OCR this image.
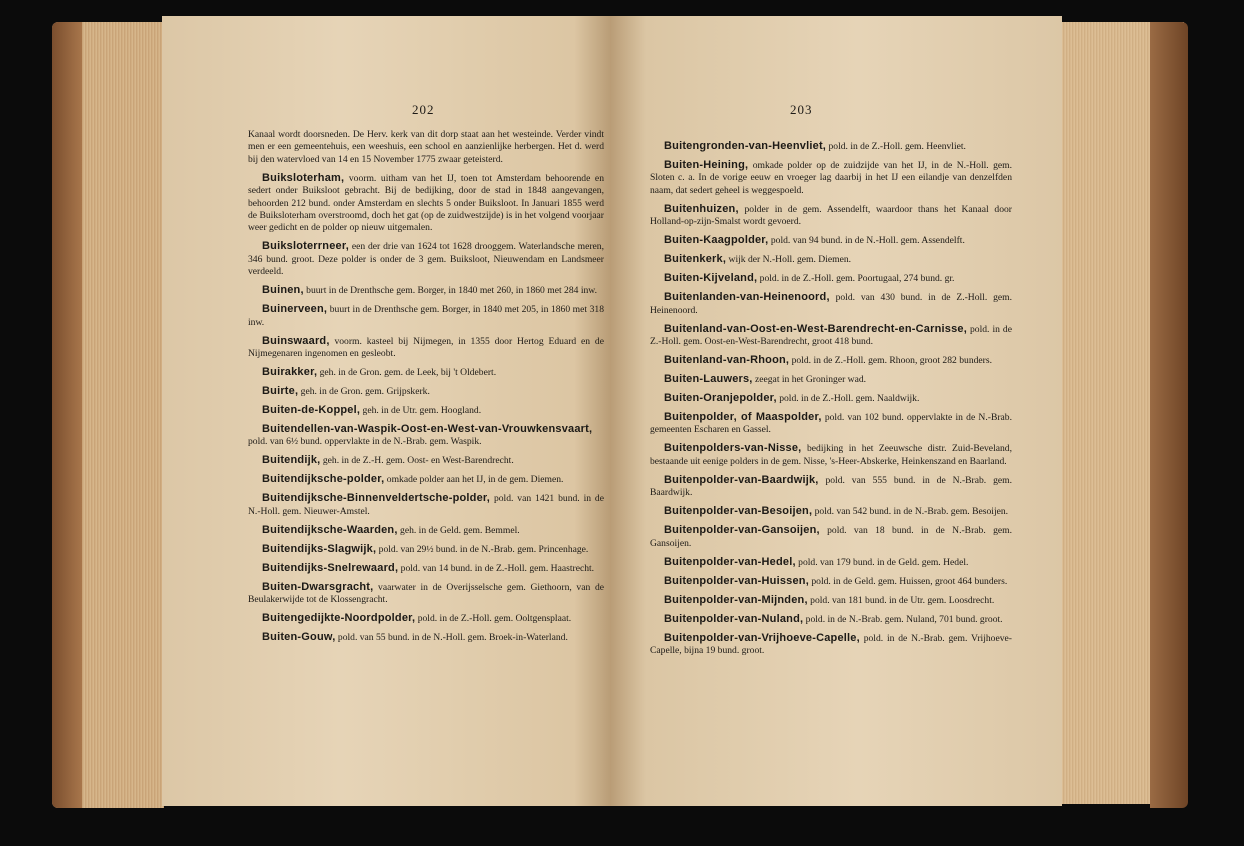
202

Kanaal wordt doorsneden. De Herv. kerk van dit dorp staat aan het westeinde. Verder vindt men er een gemeentehuis, een weeshuis, een school en aanzienlijke herbergen. Het d. werd bij den watervloed van 14 en 15 November 1775 zwaar geteisterd.

Buiksloterham, voorm. uitham van het IJ, toen tot Amsterdam behoorende en sedert onder Buiksloot gebracht. Bij de bedijking, door de stad in 1848 aangevangen, behoorden 212 bund. onder Amsterdam en slechts 5 onder Buiksloot. In Januari 1855 werd de Buiksloterham overstroomd, doch het gat (op de zuidwestzijde) is in het volgend voorjaar weer gedicht en de polder op nieuw uitgemalen.

Buiksloterrneer, een der drie van 1624 tot 1628 drooggem. Waterlandsche meren, 346 bund. groot. Deze polder is onder de 3 gem. Buiksloot, Nieuwendam en Landsmeer verdeeld.

Buinen, buurt in de Drenthsche gem. Borger, in 1840 met 260, in 1860 met 284 inw.

Buinerveen, buurt in de Drenthsche gem. Borger, in 1840 met 205, in 1860 met 318 inw.

Buinswaard, voorm. kasteel bij Nijmegen, in 1355 door Hertog Eduard en de Nijmegenaren ingenomen en gesleobt.

Buirakker, geh. in de Gron. gem. de Leek, bij 't Oldebert.

Buirte, geh. in de Gron. gem. Grijpskerk.

Buiten-de-Koppel, geh. in de Utr. gem. Hoogland.

Buitendellen-van-Waspik-Oost-en-West-van-Vrouwkensvaart, pold. van 6½ bund. oppervlakte in de N.-Brab. gem. Waspik.

Buitendijk, geh. in de Z.-H. gem. Oost- en West-Barendrecht.

Buitendijksche-polder, omkade polder aan het IJ, in de gem. Diemen.

Buitendijksche-Binnenveldertsche-polder, pold. van 1421 bund. in de N.-Holl. gem. Nieuwer-Amstel.

Buitendijksche-Waarden, geh. in de Geld. gem. Bemmel.

Buitendijks-Slagwijk, pold. van 29½ bund. in de N.-Brab. gem. Princenhage.

Buitendijks-Snelrewaard, pold. van 14 bund. in de Z.-Holl. gem. Haastrecht.

Buiten-Dwarsgracht, vaarwater in de Overijsselsche gem. Giethoorn, van de Beulakerwijde tot de Klossengracht.

Buitengedijkte-Noordpolder, pold. in de Z.-Holl. gem. Ooltgensplaat.

Buiten-Gouw, pold. van 55 bund. in de N.-Holl. gem. Broek-in-Waterland.

203

Buitengronden-van-Heenvliet, pold. in de Z.-Holl. gem. Heenvliet.

Buiten-Heining, omkade polder op de zuidzijde van het IJ, in de N.-Holl. gem. Sloten c. a. In de vorige eeuw en vroeger lag daarbij in het IJ een eilandje van denzelfden naam, dat sedert geheel is weggespoeld.

Buitenhuizen, polder in de gem. Assendelft, waardoor thans het Kanaal door Holland-op-zijn-Smalst wordt gevoerd.

Buiten-Kaagpolder, pold. van 94 bund. in de N.-Holl. gem. Assendelft.

Buitenkerk, wijk der N.-Holl. gem. Diemen.

Buiten-Kijveland, pold. in de Z.-Holl. gem. Poortugaal, 274 bund. gr.

Buitenlanden-van-Heinenoord, pold. van 430 bund. in de Z.-Holl. gem. Heinenoord.

Buitenland-van-Oost-en-West-Barendrecht-en-Carnisse, pold. in de Z.-Holl. gem. Oost-en-West-Barendrecht, groot 418 bund.

Buitenland-van-Rhoon, pold. in de Z.-Holl. gem. Rhoon, groot 282 bunders.

Buiten-Lauwers, zeegat in het Groninger wad.

Buiten-Oranjepolder, pold. in de Z.-Holl. gem. Naaldwijk.

Buitenpolder, of Maaspolder, pold. van 102 bund. oppervlakte in de N.-Brab. gemeenten Escharen en Gassel.

Buitenpolders-van-Nisse, bedijking in het Zeeuwsche distr. Zuid-Beveland, bestaande uit eenige polders in de gem. Nisse, 's-Heer-Abskerke, Heinkenszand en Baarland.

Buitenpolder-van-Baardwijk, pold. van 555 bund. in de N.-Brab. gem. Baardwijk.

Buitenpolder-van-Besoijen, pold. van 542 bund. in de N.-Brab. gem. Besoijen.

Buitenpolder-van-Gansoijen, pold. van 18 bund. in de N.-Brab. gem. Gansoijen.

Buitenpolder-van-Hedel, pold. van 179 bund. in de Geld. gem. Hedel.

Buitenpolder-van-Huissen, pold. in de Geld. gem. Huissen, groot 464 bunders.

Buitenpolder-van-Mijnden, pold. van 181 bund. in de Utr. gem. Loosdrecht.

Buitenpolder-van-Nuland, pold. in de N.-Brab. gem. Nuland, 701 bund. groot.

Buitenpolder-van-Vrijhoeve-Capelle, pold. in de N.-Brab. gem. Vrijhoeve-Capelle, bijna 19 bund. groot.
